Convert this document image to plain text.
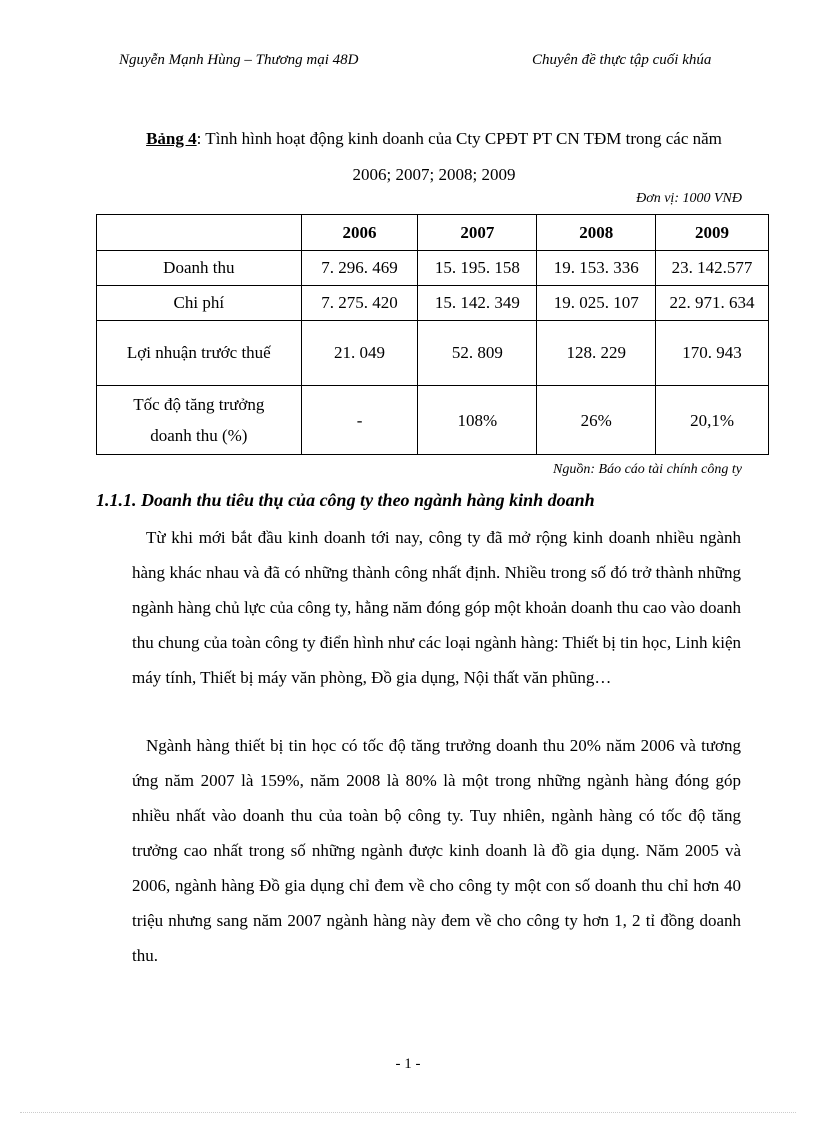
Nguyễn Mạnh Hùng – Thương mại 48D	Chuyên đề thực tập cuối khúa
Bảng 4: Tình hình hoạt động kinh doanh của Cty CPĐT PT CN TĐM trong các năm
2006; 2007; 2008; 2009
Đơn vị: 1000 VNĐ
	2006	2007	2008	2009
Doanh thu	7. 296. 469	15. 195. 158	19. 153. 336	23. 142.577
Chi phí	7. 275. 420	15. 142. 349	19. 025. 107	22. 971. 634
Lợi nhuận trước thuế	21. 049	52. 809	128. 229	170. 943

Tốc độ tăng trưởng
doanh thu (%)	-	108%	26%	20,1%
Nguồn: Báo cáo tài chính công ty
1.1.1. Doanh thu tiêu thụ của công ty theo ngành hàng kinh doanh
Từ khi mới bắt đầu kinh doanh tới nay, công ty đã mở rộng kinh doanh nhiều ngành hàng khác nhau và đã có những thành công nhất định. Nhiều trong số đó trở thành những ngành hàng chủ lực của công ty, hằng năm đóng góp một khoản doanh thu cao vào doanh thu chung của toàn công ty điển hình như các loại ngành hàng: Thiết bị tin học, Linh kiện máy tính, Thiết bị máy văn phòng, Đồ gia dụng, Nội thất văn phũng…
Ngành hàng thiết bị tin học có tốc độ tăng trưởng doanh thu 20% năm 2006 và tương ứng năm 2007 là 159%, năm 2008 là 80% là một trong những ngành hàng đóng góp nhiều nhất vào doanh thu của toàn bộ công ty. Tuy nhiên, ngành hàng có tốc độ tăng trưởng cao nhất trong số những ngành được kinh doanh là đồ gia dụng. Năm 2005 và 2006, ngành hàng Đồ gia dụng chỉ đem về cho công ty một con số doanh thu chỉ hơn 40 triệu nhưng sang năm 2007 ngành hàng này đem về cho công ty hơn 1, 2 tỉ đồng doanh thu.
- 1 -
